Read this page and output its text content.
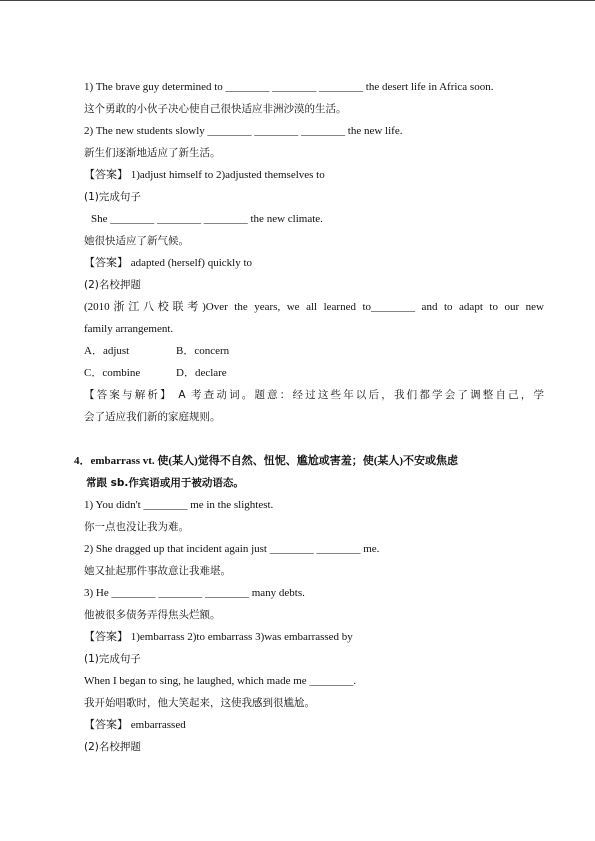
1) The brave guy determined to ________ ________ ________ the desert life in Africa soon.
这个勇敢的小伙子决心使自己很快适应非洲沙漠的生活。
2) The new students slowly ________ ________ ________ the new life.
新生们逐渐地适应了新生活。
【答案】 1)adjust himself to 2)adjusted themselves to
(1)完成句子
She ________ ________ ________ the new climate.
她很快适应了新气候。
【答案】 adapted (herself) quickly to
(2)名校押题
(2010浙江八校联考)Over the years, we all learned to________ and to adapt to our new
family arrangement.
A．adjust	B．concern
C．combine	D．declare
【答案与解析】 A 考查动词。题意：经过这些年以后，我们都学会了调整自己，学
会了适应我们新的家庭规则。
4．embarrass vt. 使(某人)觉得不自然、忸怩、尴尬或害羞；使(某人)不安或焦虑
常跟 sb.作宾语或用于被动语态。
1) You didn't ________ me in the slightest.
你一点也没让我为难。
2) She dragged up that incident again just ________ ________ me.
她又扯起那件事故意让我难堪。
3) He ________ ________ ________ many debts.
他被很多债务弄得焦头烂额。
【答案】 1)embarrass 2)to embarrass 3)was embarrassed by
(1)完成句子
When I began to sing, he laughed, which made me ________.
我开始唱歌时，他大笑起来，这使我感到很尴尬。
【答案】 embarrassed
(2)名校押题
